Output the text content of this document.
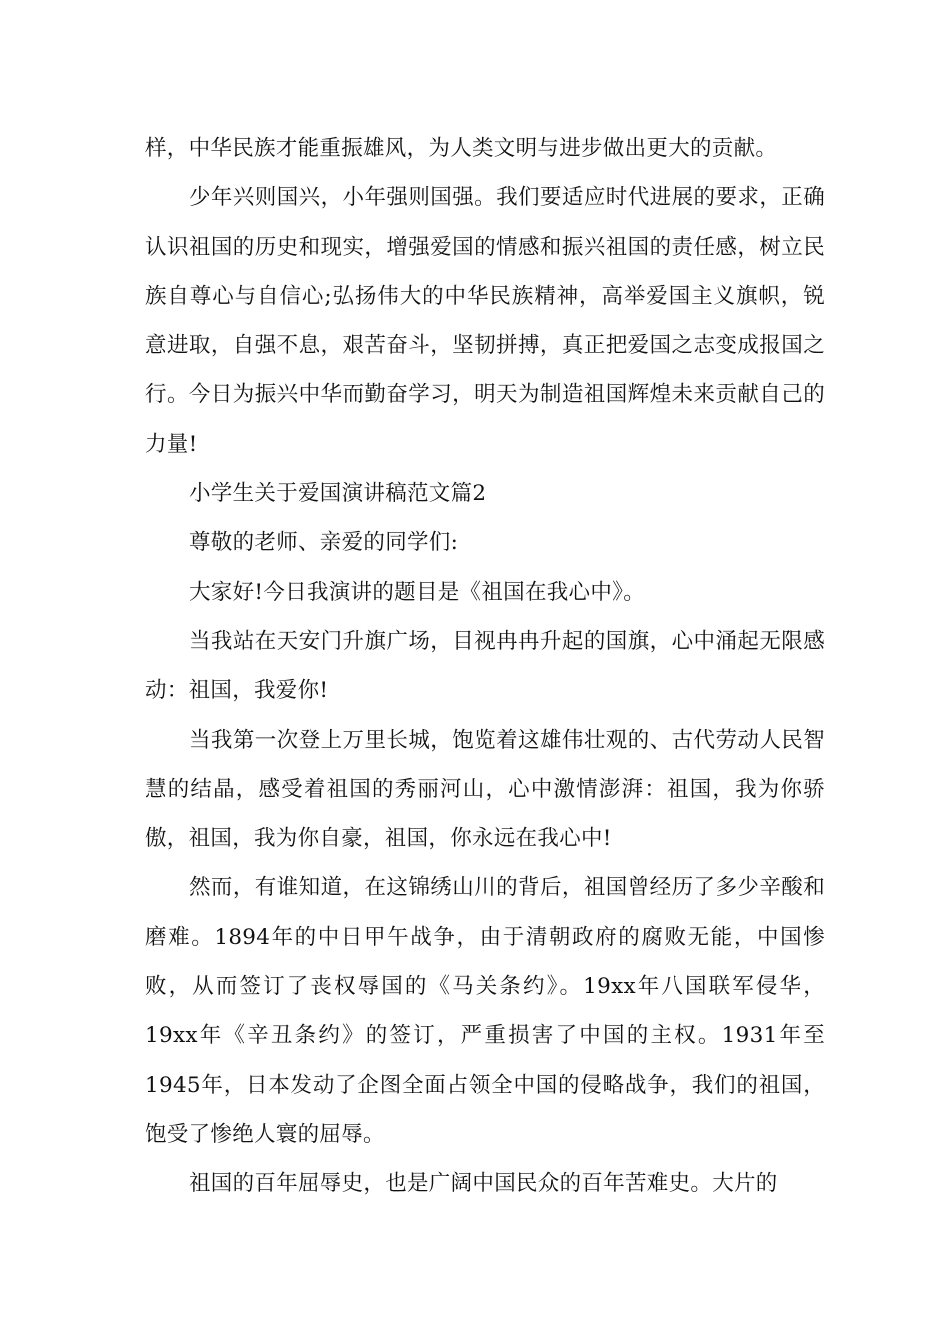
样，中华民族才能重振雄风，为人类文明与进步做出更大的贡献。

少年兴则国兴，小年强则国强。我们要适应时代进展的要求，正确认识祖国的历史和现实，增强爱国的情感和振兴祖国的责任感，树立民族自尊心与自信心;弘扬伟大的中华民族精神，高举爱国主义旗帜，锐意进取，自强不息，艰苦奋斗，坚韧拼搏，真正把爱国之志变成报国之行。今日为振兴中华而勤奋学习，明天为制造祖国辉煌未来贡献自己的力量!

小学生关于爱国演讲稿范文篇2

尊敬的老师、亲爱的同学们:

大家好!今日我演讲的题目是《祖国在我心中》。

当我站在天安门升旗广场，目视冉冉升起的国旗，心中涌起无限感动：祖国，我爱你!

当我第一次登上万里长城，饱览着这雄伟壮观的、古代劳动人民智慧的结晶，感受着祖国的秀丽河山，心中激情澎湃：祖国，我为你骄傲，祖国，我为你自豪，祖国，你永远在我心中!

然而，有谁知道，在这锦绣山川的背后，祖国曾经历了多少辛酸和磨难。1894年的中日甲午战争，由于清朝政府的腐败无能，中国惨败，从而签订了丧权辱国的《马关条约》。19xx年八国联军侵华，19xx年《辛丑条约》的签订，严重损害了中国的主权。1931年至1945年，日本发动了企图全面占领全中国的侵略战争，我们的祖国，饱受了惨绝人寰的屈辱。

祖国的百年屈辱史，也是广阔中国民众的百年苦难史。大片的
